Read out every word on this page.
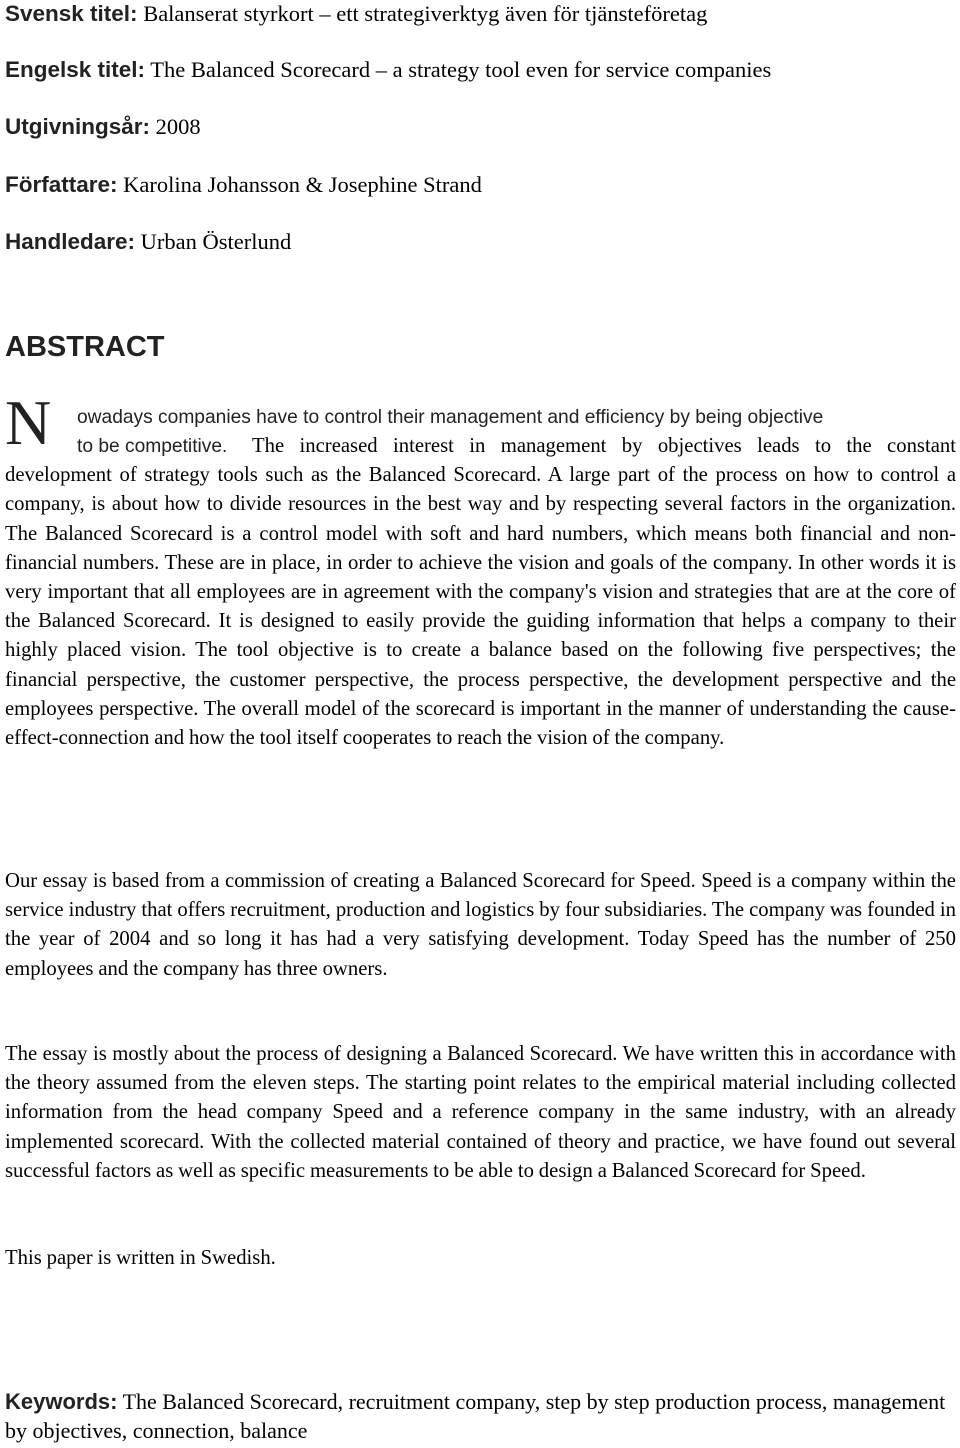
Svensk titel: Balanserat styrkort – ett strategiverktyg även för tjänsteföretag
Engelsk titel: The Balanced Scorecard – a strategy tool even for service companies
Utgivningsår: 2008
Författare: Karolina Johansson & Josephine Strand
Handledare: Urban Österlund
ABSTRACT
N owadays companies have to control their management and efficiency by being objective
to be competitive.	The increased interest in management by objectives leads to the constant development of strategy tools such as the Balanced Scorecard. A large part of the process on how to control a company, is about how to divide resources in the best way and by respecting several factors in the organization. The Balanced Scorecard is a control model with soft and hard numbers, which means both financial and non-financial numbers. These are in place, in order to achieve the vision and goals of the company. In other words it is very important that all employees are in agreement with the company's vision and strategies that are at the core of the Balanced Scorecard. It is designed to easily provide the guiding information that helps a company to their highly placed vision. The tool objective is to create a balance based on the following five perspectives; the financial perspective, the customer perspective, the process perspective, the development perspective and the employees perspective. The overall model of the scorecard is important in the manner of understanding the cause-effect-connection and how the tool itself cooperates to reach the vision of the company.

Our essay is based from a commission of creating a Balanced Scorecard for Speed. Speed is a company within the service industry that offers recruitment, production and logistics by four subsidiaries. The company was founded in the year of 2004 and so long it has had a very satisfying development. Today Speed has the number of 250 employees and the company has three owners.

The essay is mostly about the process of designing a Balanced Scorecard. We have written this in accordance with the theory assumed from the eleven steps. The starting point relates to the empirical material including collected information from the head company Speed and a reference company in the same industry, with an already implemented scorecard. With the collected material contained of theory and practice, we have found out several successful factors as well as specific measurements to be able to design a Balanced Scorecard for Speed.

This paper is written in Swedish.

Keywords: The Balanced Scorecard, recruitment company, step by step production process, management by objectives, connection, balance
